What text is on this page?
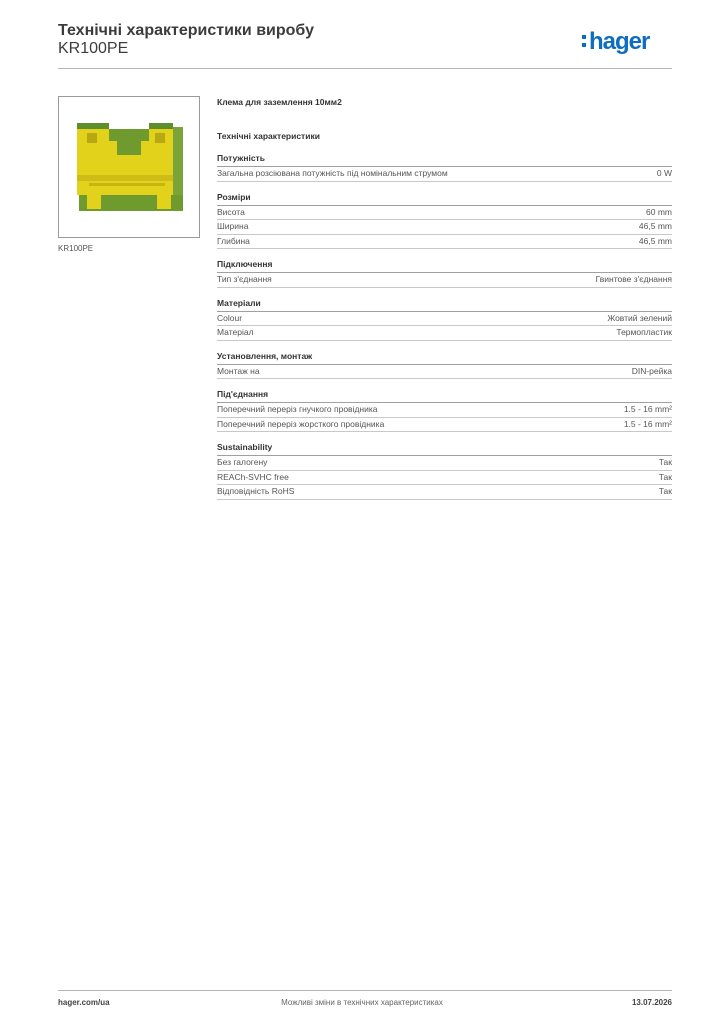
Технічні характеристики виробу
KR100PE	hager
KR100PE
Клема для заземлення 10мм2
Технічні характеристики
Потужність
Загальна розсіювана потужність під номінальним струмом	0 W
Розміри
Висота	60 mm
Ширина	46,5 mm
Глибина	46,5 mm
Підключення
Тип з'єднання	Гвинтове з'єднання
Матеріали
Colour	Жовтий зелений
Матеріал	Термопластик
Установлення, монтаж
Монтаж на	DIN-рейка
Під'єднання
Поперечний переріз гнучкого провідника	1.5 - 16 mm²
Поперечний переріз жорсткого провідника	1.5 - 16 mm²
Sustainability
Без галогену	Так
REACh-SVHC free	Так
Відповідність RoHS	Так
hager.com/ua	Можливі зміни в технічних характеристиках	13.07.2026
